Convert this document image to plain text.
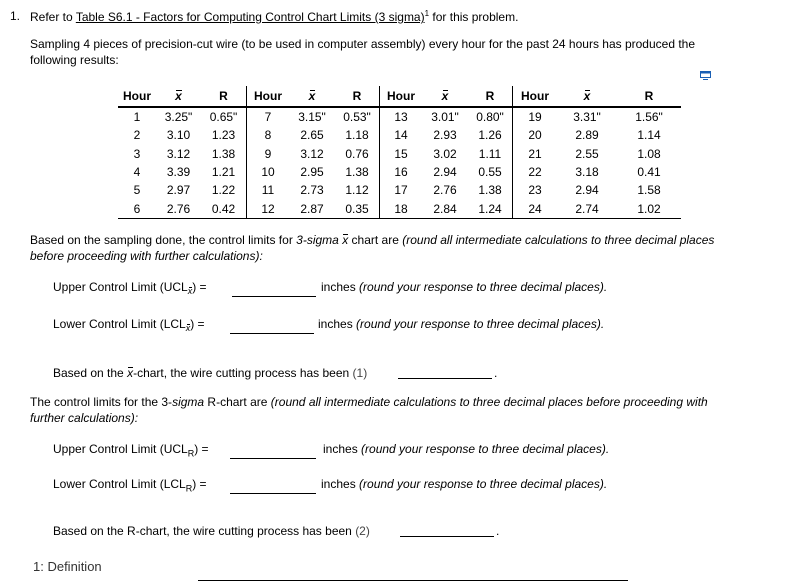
1. Refer to Table S6.1 - Factors for Computing Control Chart Limits (3 sigma)$^1$ for this problem.
Sampling 4 pieces of precision-cut wire (to be used in computer assembly) every hour for the past 24 hours has produced the
following results:
Hour	x	R	Hour	x	R	Hour	x	R	Hour	x	R
1	3.25"	0.65"	7	3.15"	0.53"	13	3.01"	0.80"	19	3.31"	1.56"
2	3.10	1.23	8	2.65	1.18	14	2.93	1.26	20	2.89	1.14
3	3.12	1.38	9	3.12	0.76	15	3.02	1.11	21	2.55	1.08
4	3.39	1.21	10	2.95	1.38	16	2.94	0.55	22	3.18	0.41
5	2.97	1.22	11	2.73	1.12	17	2.76	1.38	23	2.94	1.58
6	2.76	0.42	12	2.87	0.35	18	2.84	1.24	24	2.74	1.02
Based on the sampling done, the control limits for 3-sigma x chart are (round all intermediate calculations to three decimal places
before proceeding with further calculations):
Upper Control Limit $(UCL_x)$ =	inches (round your response to three decimal places).
Lower Control Limit $(LCL_x)$ =	inches (round your response to three decimal places).
Based on the x-chart, the wire cutting process has been (1)	.
The control limits for the 3-sigma R-chart are (round all intermediate calculations to three decimal places before proceeding with
further calculations):
Upper Control Limit $(UCL_R)$ =	inches (round your response to three decimal places).
Lower Control Limit $(LCL_R)$ =	inches (round your response to three decimal places).
Based on the R-chart, the wire cutting process has been (2)	.
1: Definition
